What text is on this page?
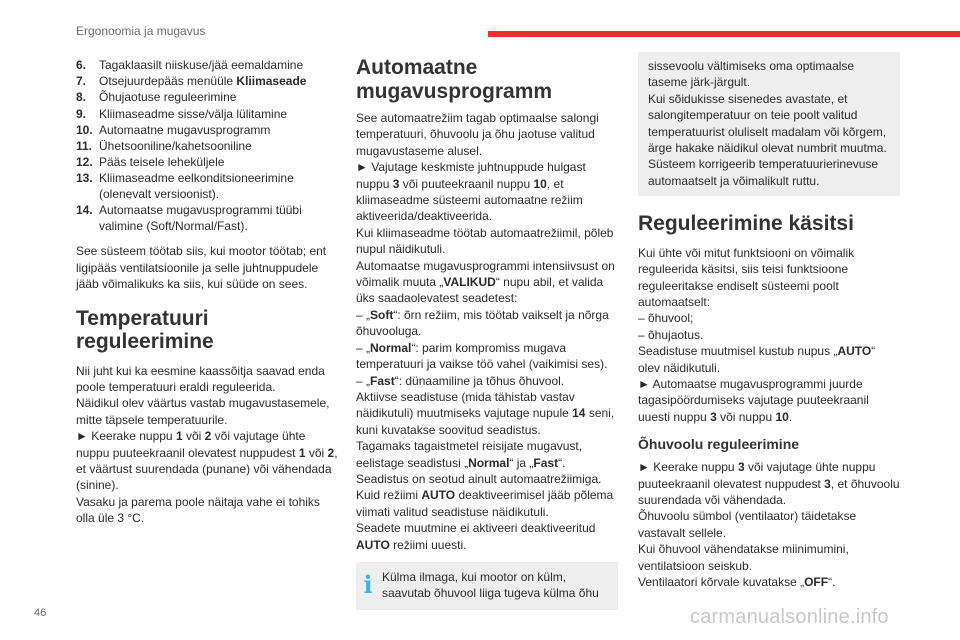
Ergonoomia ja mugavus
6.	Tagaklaasilt niiskuse/jää eemaldamine
7.	Otsejuurdepääs menüüle Kliimaseade
8.	Õhujaotuse reguleerimine
9.	Kliimaseadme sisse/välja lülitamine
10. Automaatne mugavusprogramm
11. Ühetsooniline/kahetsooniline
12. Pääs teisele leheküljele
13. Kliimaseadme eelkonditsioneerimine (olenevalt versioonist).
14. Automaatse mugavusprogrammi tüübi valimine (Soft/Normal/Fast).

See süsteem töötab siis, kui mootor töötab; ent ligipääs ventilatsioonile ja selle juhtnuppudele jääb võimalikuks ka siis, kui süüde on sees.

Temperatuuri reguleerimine

Nii juht kui ka eesmine kaassõitja saavad enda poole temperatuuri eraldi reguleerida.
Näidikul olev väärtus vastab mugavustasemele, mitte täpsele temperatuurile.
► Keerake nuppu 1 või 2 või vajutage ühte nuppu puuteekraanil olevatest nuppudest 1 või 2, et väärtust suurendada (punane) või vähendada (sinine).
Vasaku ja parema poole näitaja vahe ei tohiks olla üle 3 °C.

Automaatne mugavusprogramm

See automaatrežiim tagab optimaalse salongi temperatuuri, õhuvoolu ja õhu jaotuse valitud mugavustaseme alusel.
► Vajutage keskmiste juhtnuppude hulgast nuppu 3 või puuteekraanil nuppu 10, et kliimaseadme süsteemi automaatne režiim aktiveerida/deaktiveerida.
Kui kliimaseadme töötab automaatrežiimil, põleb nupul näidikutuli.
Automaatse mugavusprogrammi intensiivsust on võimalik muuta „VALIKUD“ nupu abil, et valida üks saadaolevatest seadetest:
– „Soft“: õrn režiim, mis töötab vaikselt ja nõrga õhuvooluga.
– „Normal“: parim kompromiss mugava temperatuuri ja vaikse töö vahel (vaikimisi ses).
– „Fast“: dünaamiline ja tõhus õhuvool.
Aktiivse seadistuse (mida tähistab vastav näidikutuli) muutmiseks vajutage nupule 14 seni, kuni kuvatakse soovitud seadistus.
Tagamaks tagaistmetel reisijate mugavust, eelistage seadistusi „Normal“ ja „Fast“.
Seadistus on seotud ainult automaatrežiimiga.
Kuid režiimi AUTO deaktiveerimisel jääb põlema viimati valitud seadistuse näidikutuli.
Seadete muutmine ei aktiveeri deaktiveeritud AUTO režiimi uuesti.

i Külma ilmaga, kui mootor on külm, saavutab õhuvool liiga tugeva külma õhu
sissevoolu vältimiseks oma optimaalse taseme järk-järgult.
Kui sõidukisse sisenedes avastate, et salongitemperatuur on teie poolt valitud temperatuurist oluliselt madalam või kõrgem, ärge hakake näidikul olevat numbrit muutma. Süsteem korrigeerib temperatuurierinevuse automaatselt ja võimalikult ruttu.
Reguleerimine käsitsi

Kui ühte või mitut funktsiooni on võimalik reguleerida käsitsi, siis teisi funktsioone reguleeritakse endiselt süsteemi poolt automaatselt:
– õhuvool;
– õhujaotus.
Seadistuse muutmisel kustub nupus „AUTO“ olev näidikutuli.
► Automaatse mugavusprogrammi juurde tagasipöördumiseks vajutage puuteekraanil uuesti nuppu 3 või nuppu 10.

Õhuvoolu reguleerimine

► Keerake nuppu 3 või vajutage ühte nuppu puuteekraanil olevatest nuppudest 3, et õhuvoolu suurendada või vähendada.
Õhuvoolu sümbol (ventilaator) täidetakse vastavalt sellele.
Kui õhuvool vähendatakse miinimumini, ventilatsioon seiskub.
Ventilaatori kõrvale kuvatakse „OFF“.

46	carmanualsonline.info
